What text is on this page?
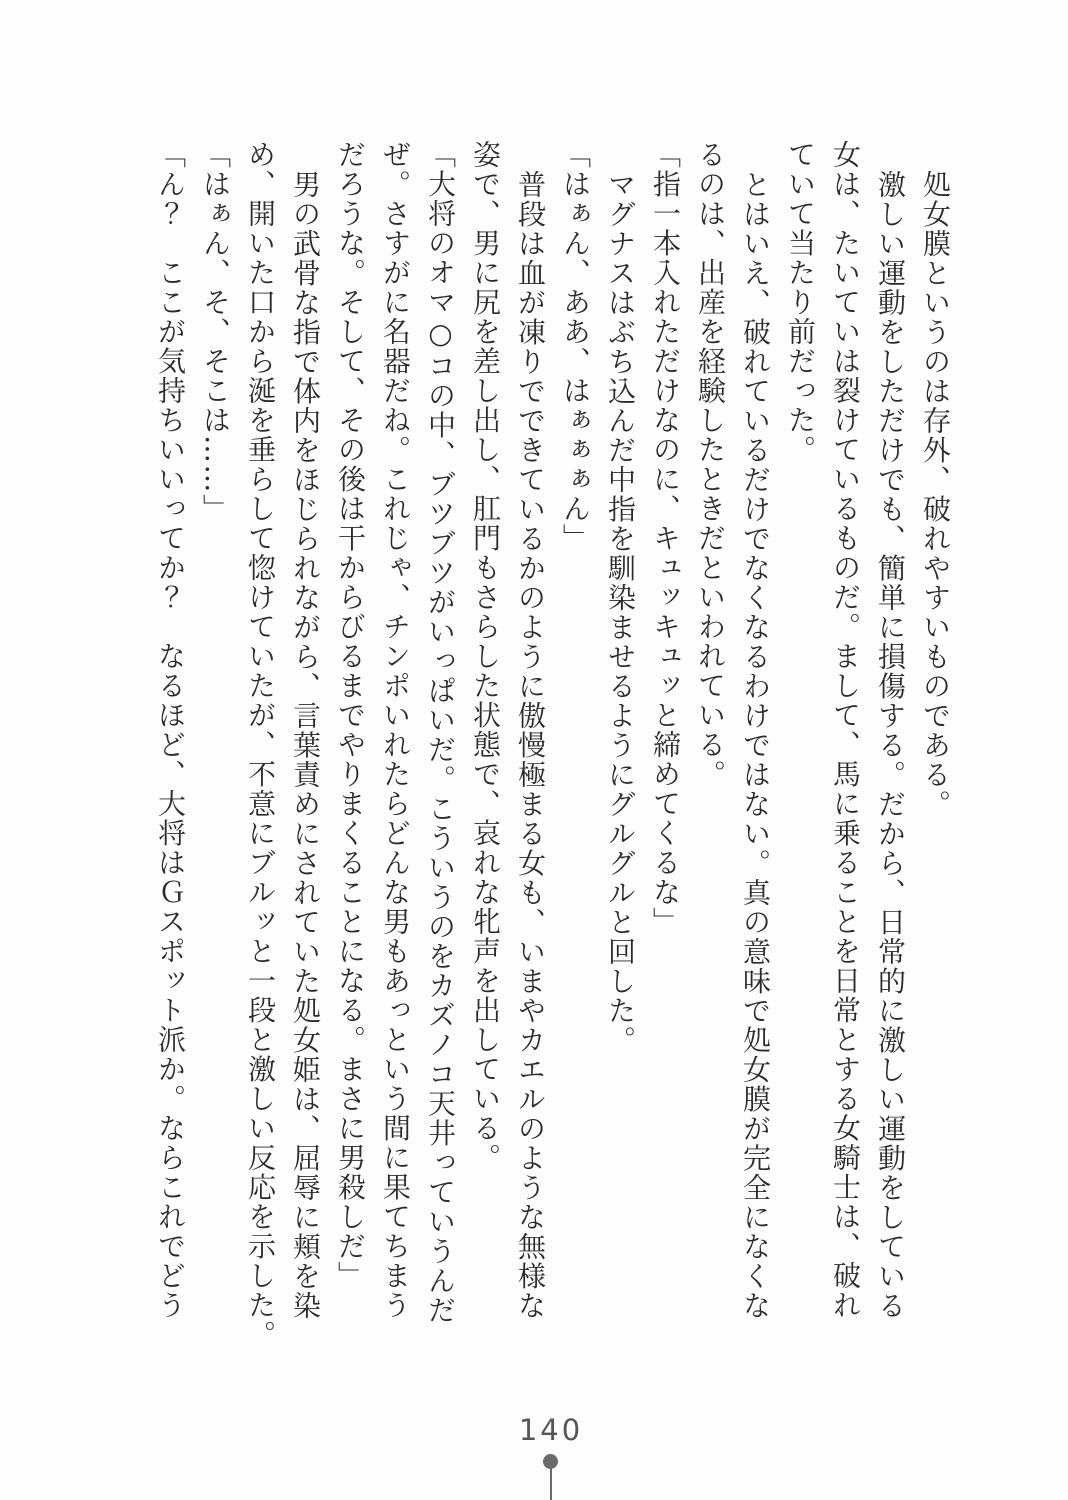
処女膜というのは存外、破れやすいものである。
激しい運動をしただけでも、簡単に損傷する。だから、日常的に激しい運動をしている
女は、たいていは裂けているものだ。まして、馬に乗ることを日常とする女騎士は、破れ
ていて当たり前だった。
とはいえ、破れているだけでなくなるわけではない。真の意味で処女膜が完全になくな
るのは、出産を経験したときだといわれている。
「指一本入れただけなのに、キュッキュッと締めてくるな」
マグナスはぶち込んだ中指を馴染ませるようにグルグルと回した。
「はぁん、ああ、はぁぁぁん」
普段は血が凍りでできているかのように傲慢極まる女も、いまやカエルのような無様な
姿で、男に尻を差し出し、肛門もさらした状態で、哀れな牝声を出している。
「大将のオマ○コの中、ブツブツがいっぱいだ。こういうのをカズノコ天井っていうんだ
ぜ。さすがに名器だね。これじゃ、チンポいれたらどんな男もあっという間に果てちまう
だろうな。そして、その後は干からびるまでやりまくることになる。まさに男殺しだ」
男の武骨な指で体内をほじられながら、言葉責めにされていた処女姫は、屈辱に頬を染
め、開いた口から涎を垂らして惚けていたが、不意にブルッと一段と激しい反応を示した。
「はぁん、そ、そこは……」
「ん？　ここが気持ちいいってか？　なるほど、大将はＧスポット派か。ならこれでどう
140
